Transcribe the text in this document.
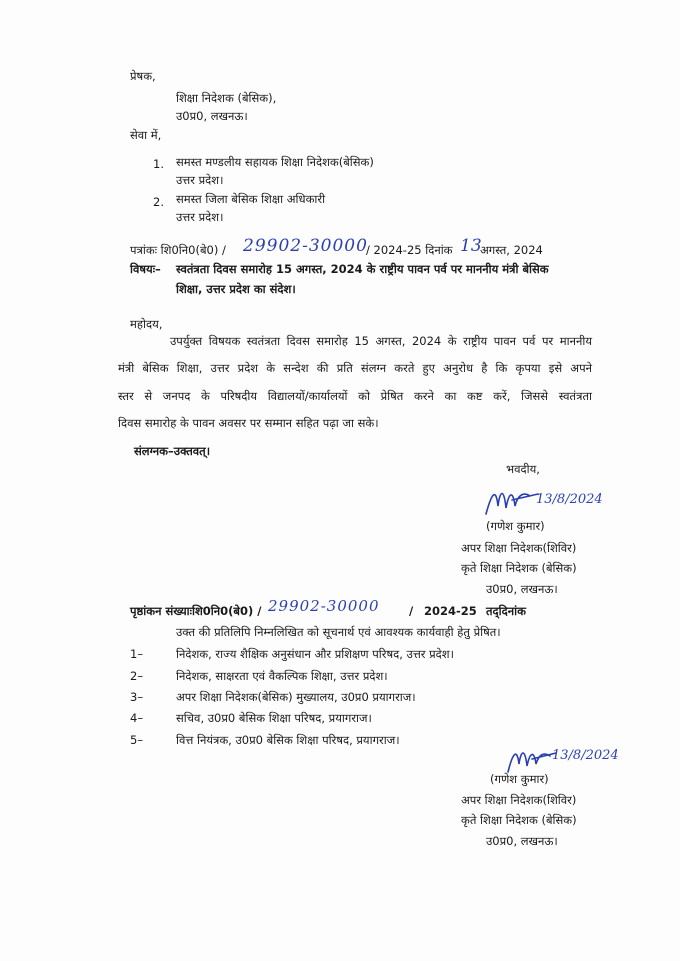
प्रेषक,
शिक्षा निदेशक (बेसिक),
उ0प्र0, लखनऊ।
सेवा में,
1. समस्त मण्डलीय सहायक शिक्षा निदेशक(बेसिक)
उत्तर प्रदेश।
2. समस्त जिला बेसिक शिक्षा अधिकारी
उत्तर प्रदेश।
पत्रांकः शि0नि0(बे0) / 29902-30000
/ 2024-25 दिनांक 13
अगस्त, 2024
विषयः– स्वतंत्रता दिवस समारोह 15 अगस्त, 2024 के राष्ट्रीय पावन पर्व पर माननीय मंत्री बेसिक
शिक्षा, उत्तर प्रदेश का संदेश।
महोदय,
उपर्युक्त विषयक स्वतंत्रता दिवस समारोह 15 अगस्त, 2024 के राष्ट्रीय पावन पर्व पर माननीय
मंत्री बेसिक शिक्षा, उत्तर प्रदेश के सन्देश की प्रति संलग्न करते हुए अनुरोध है कि कृपया इसे अपने
स्तर से जनपद के परिषदीय विद्यालयों/कार्यालयों को प्रेषित करने का कष्ट करें, जिससे स्वतंत्रता
दिवस समारोह के पावन अवसर पर सम्मान सहित पढ़ा जा सके।
संलग्नक–उक्तवत्।
भवदीय,
13/8/2024
(गणेश कुमार)
अपर शिक्षा निदेशक(शिविर)
कृते शिक्षा निदेशक (बेसिक)
उ0प्र0, लखनऊ।
पृष्ठांकन संख्याःशि0नि0(बे0) / 29902-30000	/ 2024-25 तद्‌दिनांक
उक्त की प्रतिलिपि निम्नलिखित को सूचनार्थ एवं आवश्यक कार्यवाही हेतु प्रेषित।
1–	निदेशक, राज्य शैक्षिक अनुसंधान और प्रशिक्षण परिषद, उत्तर प्रदेश।
2–	निदेशक, साक्षरता एवं वैकल्पिक शिक्षा, उत्तर प्रदेश।
3–	अपर शिक्षा निदेशक(बेसिक) मुख्यालय, उ0प्र0 प्रयागराज।
4–	सचिव, उ0प्र0 बेसिक शिक्षा परिषद, प्रयागराज।
5–	वित्त नियंत्रक, उ0प्र0 बेसिक शिक्षा परिषद, प्रयागराज।
13/8/2024
(गणेश कुमार)
अपर शिक्षा निदेशक(शिविर)
कृते शिक्षा निदेशक (बेसिक)
उ0प्र0, लखनऊ।
